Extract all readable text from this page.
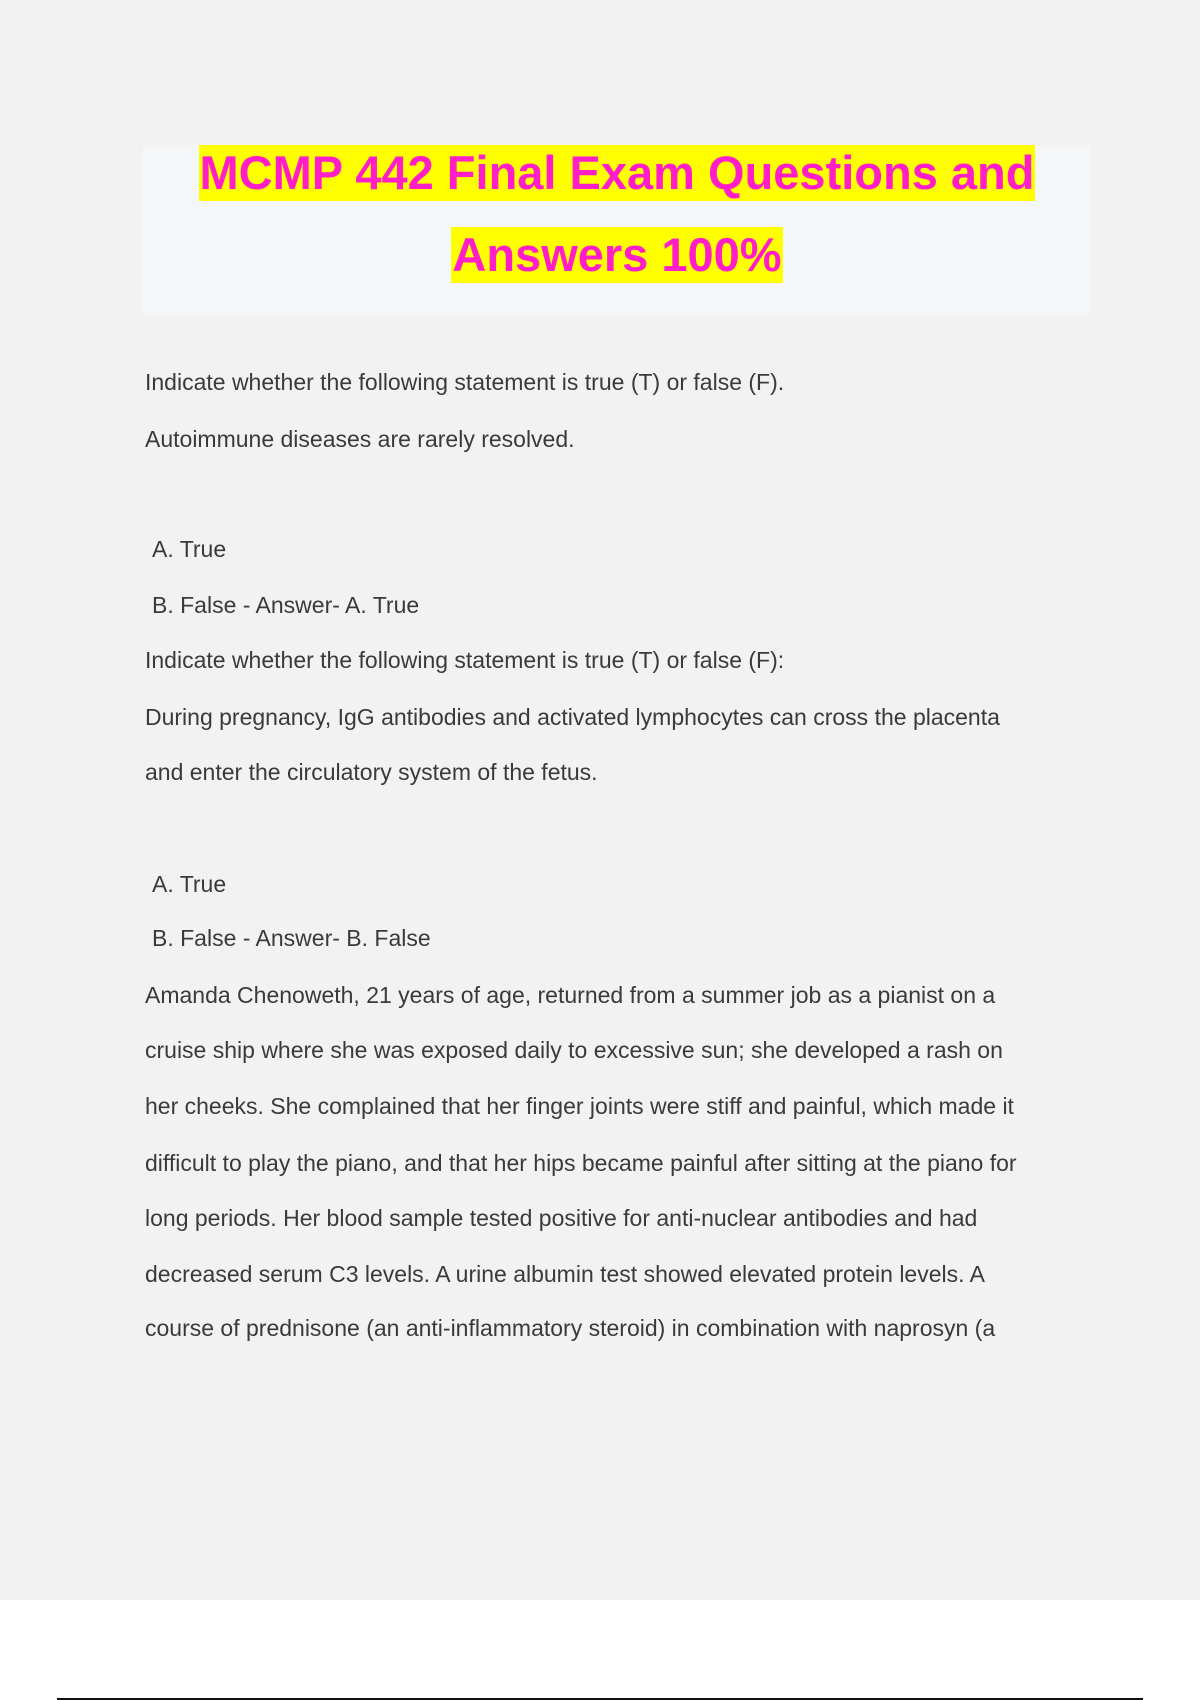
MCMP 442 Final Exam Questions and
Answers 100%
Indicate whether the following statement is true (T) or false (F).
Autoimmune diseases are rarely resolved.
A. True
B. False - Answer- A. True
Indicate whether the following statement is true (T) or false (F):
During pregnancy, IgG antibodies and activated lymphocytes can cross the placenta
and enter the circulatory system of the fetus.
A. True
B. False - Answer- B. False
Amanda Chenoweth, 21 years of age, returned from a summer job as a pianist on a
cruise ship where she was exposed daily to excessive sun; she developed a rash on
her cheeks. She complained that her finger joints were stiff and painful, which made it
difficult to play the piano, and that her hips became painful after sitting at the piano for
long periods. Her blood sample tested positive for anti-nuclear antibodies and had
decreased serum C3 levels. A urine albumin test showed elevated protein levels. A
course of prednisone (an anti-inflammatory steroid) in combination with naprosyn (a
